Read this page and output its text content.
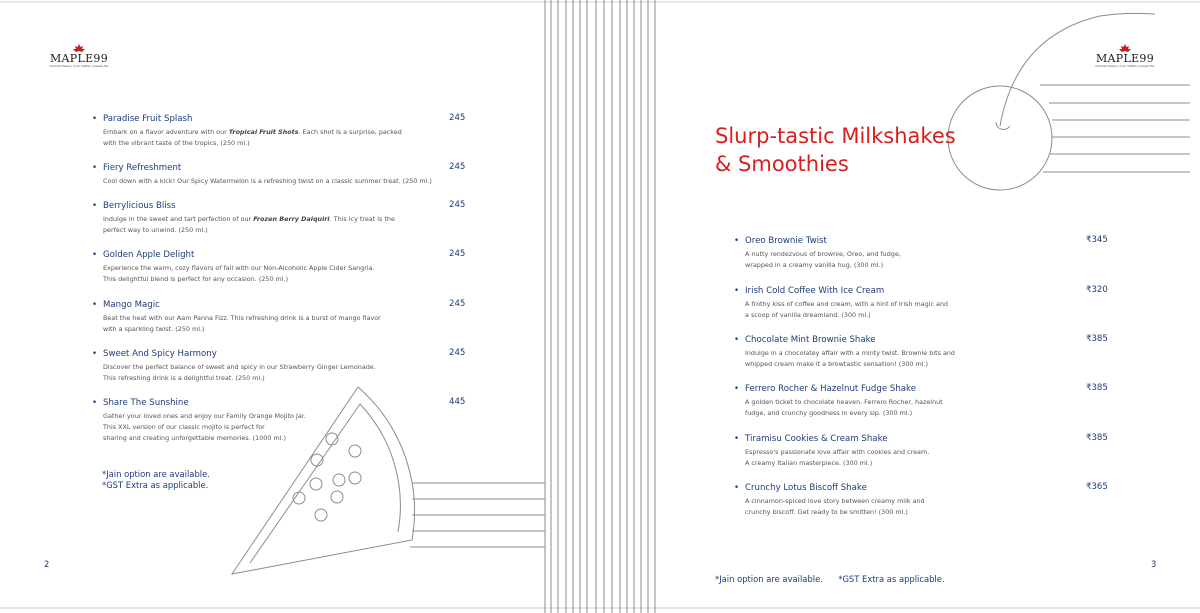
MAPLE99
Ultimate Shakes | Iconic Waffles | Dessert Bar
• Paradise Fruit Splash
Embark on a flavor adventure with our Tropical Fruit Shots. Each shot is a surprise, packed
with the vibrant taste of the tropics. (250 ml.)
245
• Fiery Refreshment
Cool down with a kick! Our Spicy Watermelon is a refreshing twist on a classic summer treat. (250 ml.)
245
• Berrylicious Bliss
Indulge in the sweet and tart perfection of our Frozen Berry Daiquiri. This icy treat is the
perfect way to unwind. (250 ml.)
245
• Golden Apple Delight
Experience the warm, cozy flavors of fall with our Non-Alcoholic Apple Cider Sangria.
This delightful blend is perfect for any occasion. (250 ml.)
245
• Mango Magic
Beat the heat with our Aam Panna Fizz. This refreshing drink is a burst of mango flavor
with a sparkling twist. (250 ml.)
245
• Sweet And Spicy Harmony
Discover the perfect balance of sweet and spicy in our Strawberry Ginger Lemonade.
This refreshing drink is a delightful treat. (250 ml.)
245
• Share The Sunshine
Gather your loved ones and enjoy our Family Orange Mojito Jar.
This XXL version of our classic mojito is perfect for
sharing and creating unforgettable memories. (1000 ml.)
445
*Jain option are available.
*GST Extra as applicable.
2
MAPLE99
Ultimate Shakes | Iconic Waffles | Dessert Bar
Slurp-tastic Milkshakes
& Smoothies
• Oreo Brownie Twist
A nutty rendezvous of brownie, Oreo, and fudge,
wrapped in a creamy vanilla hug. (300 ml.)
₹345
• Irish Cold Coffee With Ice Cream
A frothy kiss of coffee and cream, with a hint of Irish magic and
a scoop of vanilla dreamland. (300 ml.)
₹320
• Chocolate Mint Brownie Shake
Indulge in a chocolatey affair with a minty twist. Brownie bits and
whipped cream make it a browtastic sensation! (300 ml.)
₹385
• Ferrero Rocher & Hazelnut Fudge Shake
A golden ticket to chocolate heaven. Ferrero Rocher, hazelnut
fudge, and crunchy goodness in every sip. (300 ml.)
₹385
• Tiramisu Cookies & Cream Shake
Espresso's passionate love affair with cookies and cream.
A creamy Italian masterpiece. (300 ml.)
₹385
• Crunchy Lotus Biscoff Shake
A cinnamon-spiced love story between creamy milk and
crunchy biscoff. Get ready to be smitten! (300 ml.)
₹365
*Jain option are available. *GST Extra as applicable.
3
